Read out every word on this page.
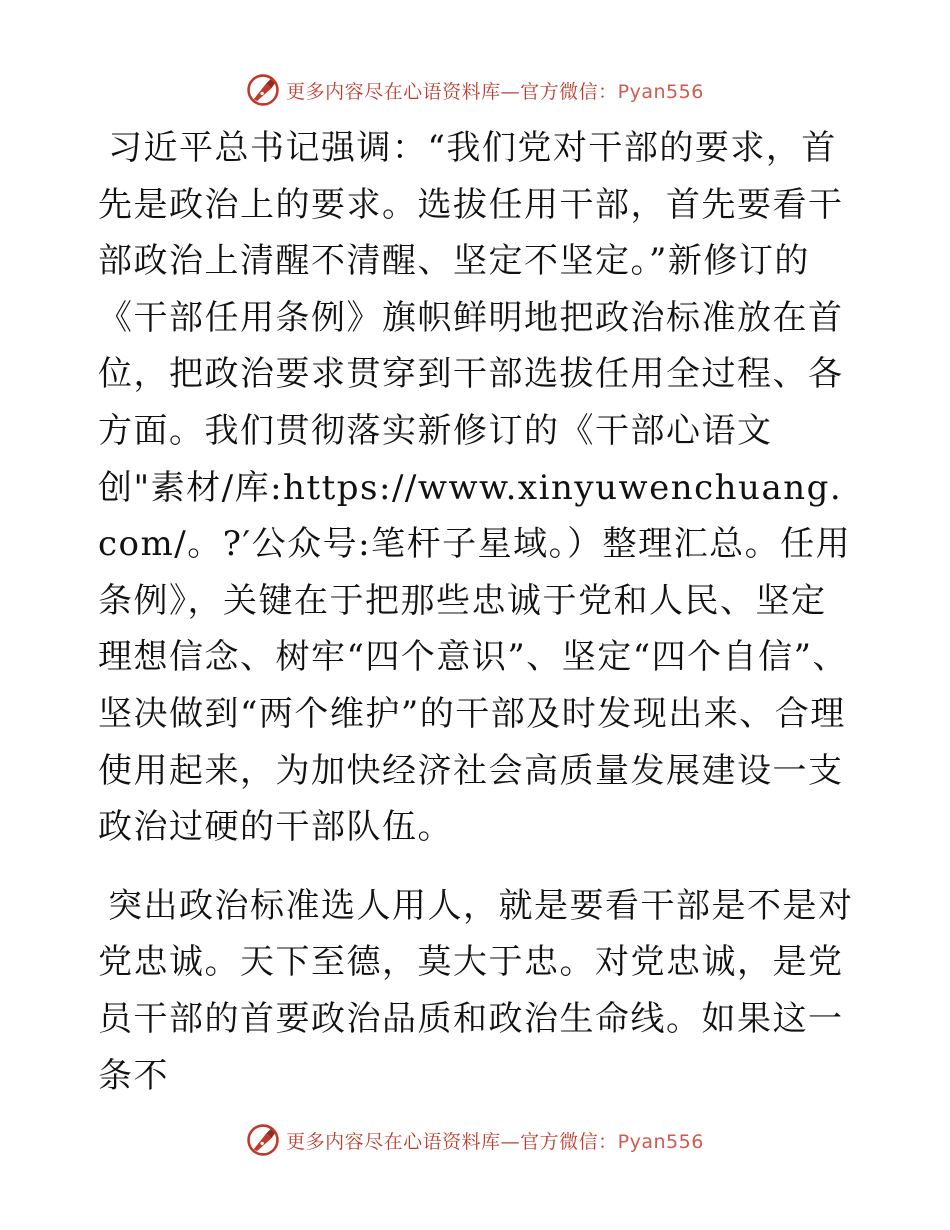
更多内容尽在心语资料库—官方微信：Pyan556

习近平总书记强调：“我们党对干部的要求，首先是政治上的要求。选拔任用干部，首先要看干部政治上清醒不清醒、坚定不坚定。”新修订的《干部任用条例》旗帜鲜明地把政治标准放在首位，把政治要求贯穿到干部选拔任用全过程、各方面。我们贯彻落实新修订的《干部心语文创"素材/库:https://www.xinyuwenchuang.com/。?′公众号:笔杆子星域。）整理汇总。任用条例》，关键在于把那些忠诚于党和人民、坚定理想信念、树牢“四个意识”、坚定“四个自信”、坚决做到“两个维护”的干部及时发现出来、合理使用起来，为加快经济社会高质量发展建设一支政治过硬的干部队伍。

突出政治标准选人用人，就是要看干部是不是对党忠诚。天下至德，莫大于忠。对党忠诚，是党员干部的首要政治品质和政治生命线。如果这一条不

更多内容尽在心语资料库—官方微信：Pyan556
